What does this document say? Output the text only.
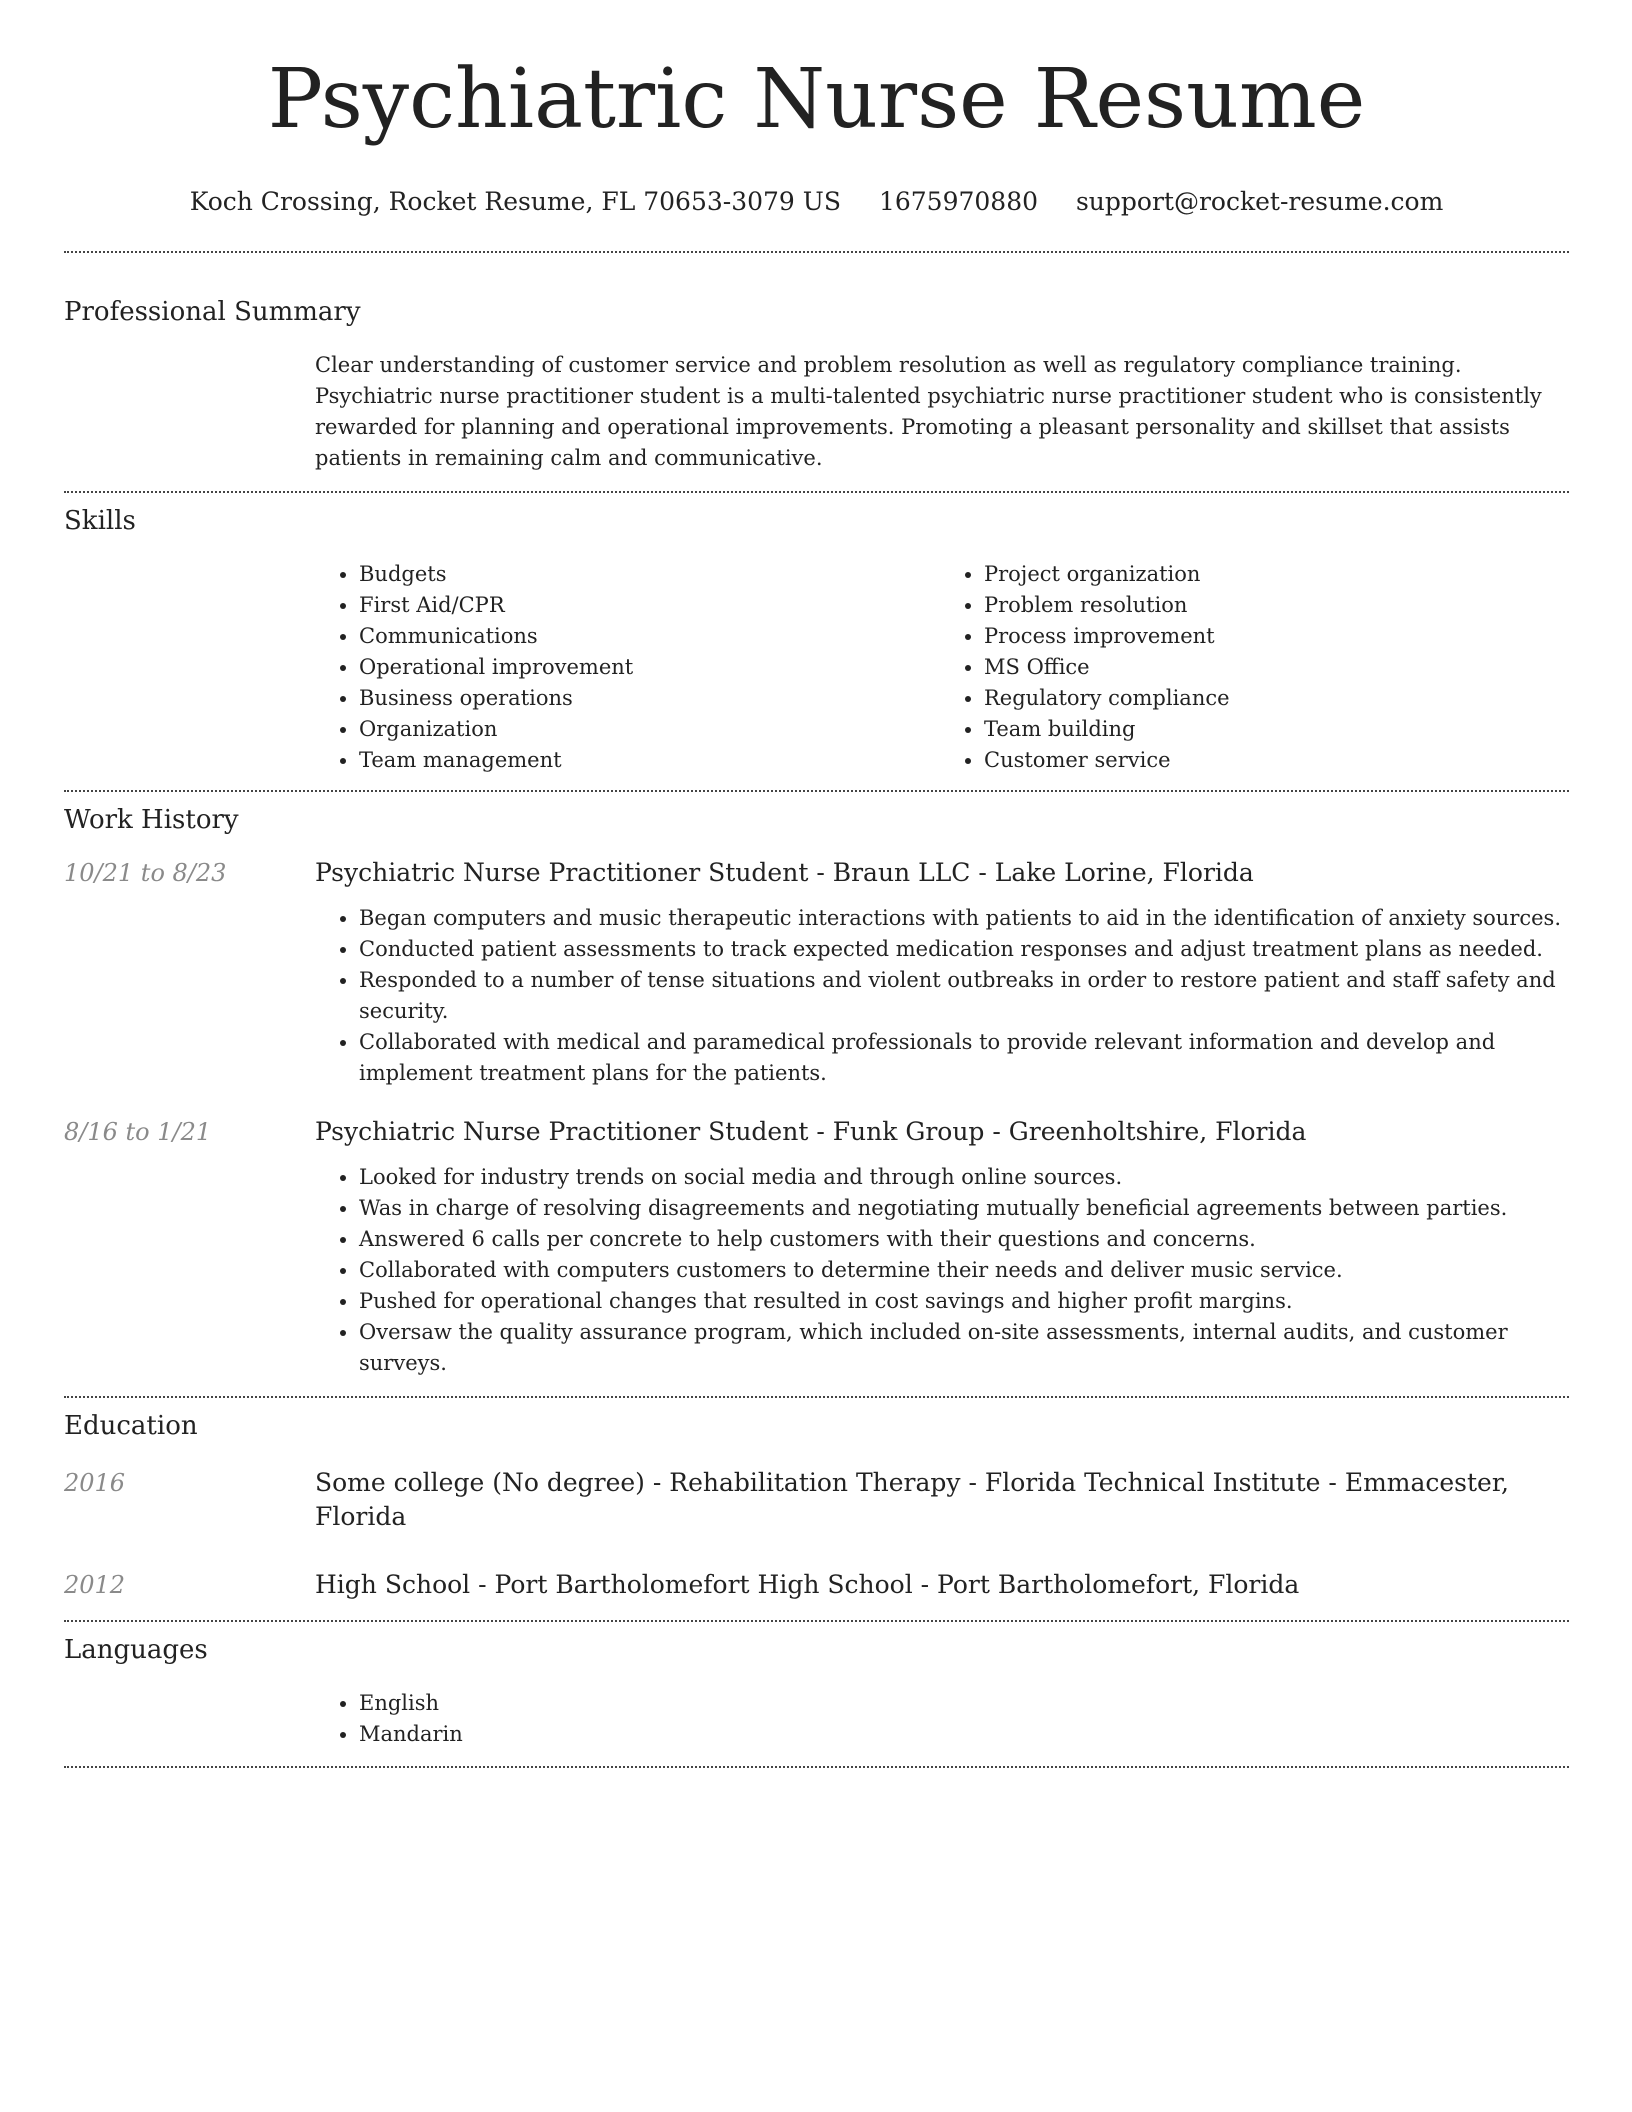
Psychiatric Nurse Resume
Koch Crossing, Rocket Resume, FL 70653-3079 US 1675970880 support@rocket-resume.com
Professional Summary
Clear understanding of customer service and problem resolution as well as regulatory compliance training. Psychiatric nurse practitioner student is a multi-talented psychiatric nurse practitioner student who is consistently rewarded for planning and operational improvements. Promoting a pleasant personality and skillset that assists patients in remaining calm and communicative.
Skills
• Budgets
• First Aid/CPR
• Communications
• Operational improvement
• Business operations
• Organization
• Team management
• Project organization
• Problem resolution
• Process improvement
• MS Office
• Regulatory compliance
• Team building
• Customer service
Work History
10/21 to 8/23	Psychiatric Nurse Practitioner Student - Braun LLC - Lake Lorine, Florida
• Began computers and music therapeutic interactions with patients to aid in the identification of anxiety sources.
• Conducted patient assessments to track expected medication responses and adjust treatment plans as needed.
• Responded to a number of tense situations and violent outbreaks in order to restore patient and staff safety and security.
• Collaborated with medical and paramedical professionals to provide relevant information and develop and implement treatment plans for the patients.
8/16 to 1/21	Psychiatric Nurse Practitioner Student - Funk Group - Greenholtshire, Florida
• Looked for industry trends on social media and through online sources.
• Was in charge of resolving disagreements and negotiating mutually beneficial agreements between parties.
• Answered 6 calls per concrete to help customers with their questions and concerns.
• Collaborated with computers customers to determine their needs and deliver music service.
• Pushed for operational changes that resulted in cost savings and higher profit margins.
• Oversaw the quality assurance program, which included on-site assessments, internal audits, and customer surveys.
Education
2016	Some college (No degree) - Rehabilitation Therapy - Florida Technical Institute - Emmacester, Florida
2012	High School - Port Bartholomefort High School - Port Bartholomefort, Florida
Languages
• English
• Mandarin
